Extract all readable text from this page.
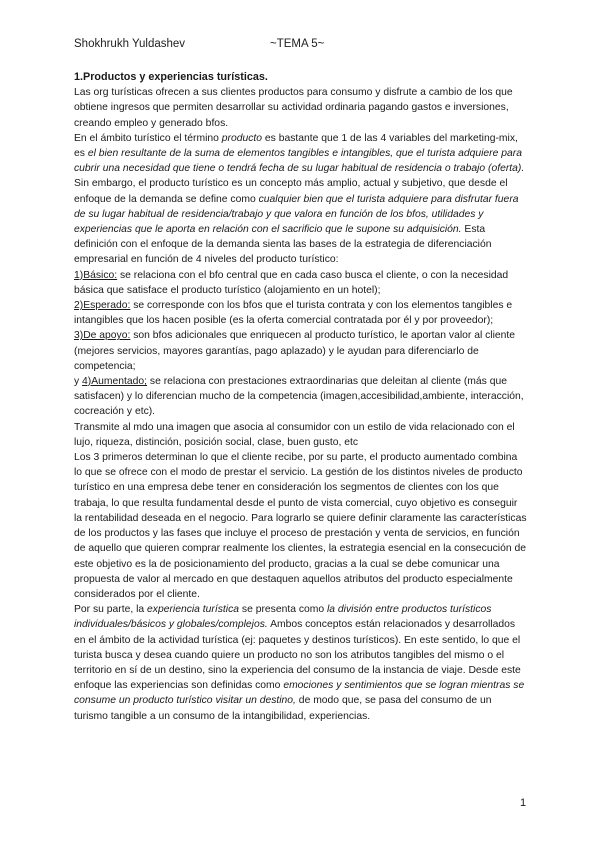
Shokhrukh Yuldashev	~TEMA 5~

1.Productos y experiencias turísticas.

Las org turísticas ofrecen a sus clientes productos para consumo y disfrute a cambio de los que obtiene ingresos que permiten desarrollar su actividad ordinaria pagando gastos e inversiones, creando empleo y generado bfos.

En el ámbito turístico el término producto es bastante que 1 de las 4 variables del marketing-mix, es el bien resultante de la suma de elementos tangibles e intangibles, que el turista adquiere para cubrir una necesidad que tiene o tendrá fecha de su lugar habitual de residencia o trabajo (oferta). Sin embargo, el producto turístico es un concepto más amplio, actual y subjetivo, que desde el enfoque de la demanda se define como cualquier bien que el turista adquiere para disfrutar fuera de su lugar habitual de residencia/trabajo y que valora en función de los bfos, utilidades y experiencias que le aporta en relación con el sacrificio que le supone su adquisición. Esta definición con el enfoque de la demanda sienta las bases de la estrategia de diferenciación empresarial en función de 4 niveles del producto turístico:

1)Básico: se relaciona con el bfo central que en cada caso busca el cliente, o con la necesidad básica que satisface el producto turístico (alojamiento en un hotel);

2)Esperado: se corresponde con los bfos que el turista contrata y con los elementos tangibles e intangibles que los hacen posible (es la oferta comercial contratada por él y por proveedor);

3)De apoyo: son bfos adicionales que enriquecen al producto turístico, le aportan valor al cliente (mejores servicios, mayores garantías, pago aplazado) y le ayudan para diferenciarlo de competencia;

y 4)Aumentado; se relaciona con prestaciones extraordinarias que deleitan al cliente (más que satisfacen) y lo diferencian mucho de la competencia (imagen,accesibilidad,ambiente, interacción, cocreación y etc).

Transmite al mdo una imagen que asocia al consumidor con un estilo de vida relacionado con el lujo, riqueza, distinción, posición social, clase, buen gusto, etc

Los 3 primeros determinan lo que el cliente recibe, por su parte, el producto aumentado combina lo que se ofrece con el modo de prestar el servicio. La gestión de los distintos niveles de producto turístico en una empresa debe tener en consideración los segmentos de clientes con los que trabaja, lo que resulta fundamental desde el punto de vista comercial, cuyo objetivo es conseguir la rentabilidad deseada en el negocio. Para lograrlo se quiere definir claramente las características de los productos y las fases que incluye el proceso de prestación y venta de servicios, en función de aquello que quieren comprar realmente los clientes, la estrategia esencial en la consecución de este objetivo es la de posicionamiento del producto, gracias a la cual se debe comunicar una propuesta de valor al mercado en que destaquen aquellos atributos del producto especialmente considerados por el cliente.

Por su parte, la experiencia turística se presenta como la división entre productos turísticos individuales/básicos y globales/complejos. Ambos conceptos están relacionados y desarrollados en el ámbito de la actividad turística (ej: paquetes y destinos turísticos). En este sentido, lo que el turista busca y desea cuando quiere un producto no son los atributos tangibles del mismo o el territorio en sí de un destino, sino la experiencia del consumo de la instancia de viaje. Desde este enfoque las experiencias son definidas como emociones y sentimientos que se logran mientras se consume un producto turístico visitar un destino, de modo que, se pasa del consumo de un turismo tangible a un consumo de la intangibilidad, experiencias.

1
